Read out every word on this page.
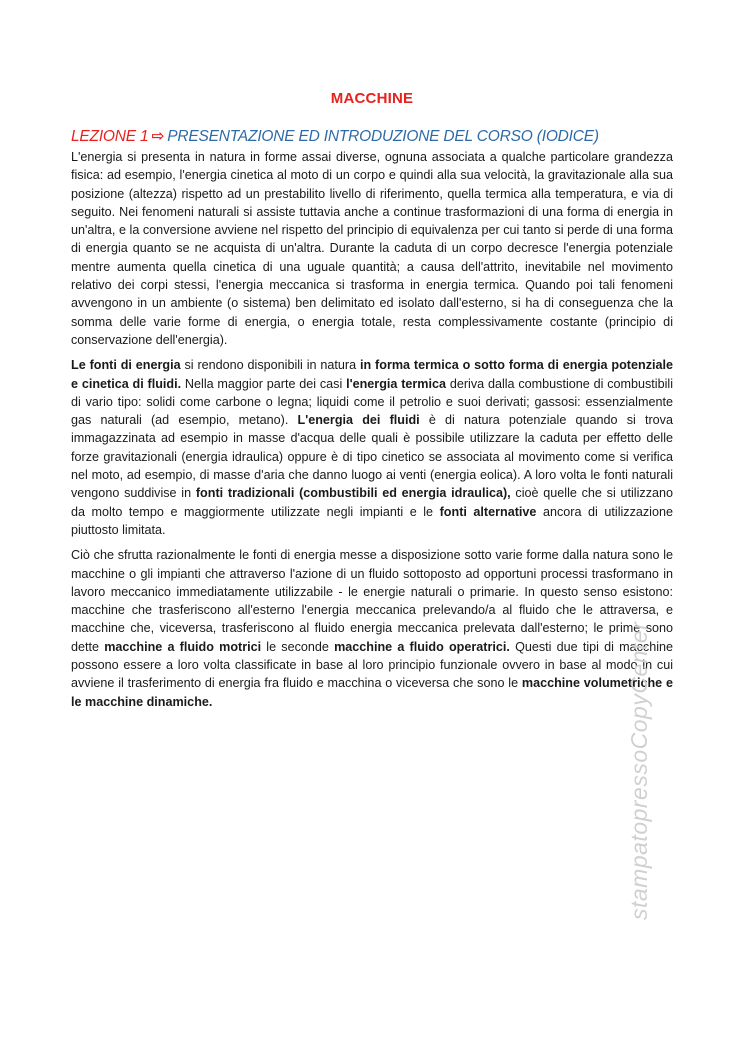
MACCHINE
LEZIONE 1 ⇨ PRESENTAZIONE ED INTRODUZIONE DEL CORSO (IODICE)

L'energia si presenta in natura in forme assai diverse, ognuna associata a qualche particolare grandezza fisica: ad esempio, l'energia cinetica al moto di un corpo e quindi alla sua velocità, la gravitazionale alla sua posizione (altezza) rispetto ad un prestabilito livello di riferimento, quella termica alla temperatura, e via di seguito. Nei fenomeni naturali si assiste tuttavia anche a continue trasformazioni di una forma di energia in un'altra, e la conversione avviene nel rispetto del principio di equivalenza per cui tanto si perde di una forma di energia quanto se ne acquista di un'altra. Durante la caduta di un corpo decresce l'energia potenziale mentre aumenta quella cinetica di una uguale quantità; a causa dell'attrito, inevitabile nel movimento relativo dei corpi stessi, l'energia meccanica si trasforma in energia termica. Quando poi tali fenomeni avvengono in un ambiente (o sistema) ben delimitato ed isolato dall'esterno, si ha di conseguenza che la somma delle varie forme di energia, o energia totale, resta complessivamente costante (principio di conservazione dell'energia).

Le fonti di energia si rendono disponibili in natura in forma termica o sotto forma di energia potenziale e cinetica di fluidi. Nella maggior parte dei casi l'energia termica deriva dalla combustione di combustibili di vario tipo: solidi come carbone o legna; liquidi come il petrolio e suoi derivati; gassosi: essenzialmente gas naturali (ad esempio, metano). L'energia dei fluidi è di natura potenziale quando si trova immagazzinata ad esempio in masse d'acqua delle quali è possibile utilizzare la caduta per effetto delle forze gravitazionali (energia idraulica) oppure è di tipo cinetico se associata al movimento come si verifica nel moto, ad esempio, di masse d'aria che danno luogo ai venti (energia eolica). A loro volta le fonti naturali vengono suddivise in fonti tradizionali (combustibili ed energia idraulica), cioè quelle che si utilizzano da molto tempo e maggiormente utilizzate negli impianti e le fonti alternative ancora di utilizzazione piuttosto limitata.

Ciò che sfrutta razionalmente le fonti di energia messe a disposizione sotto varie forme dalla natura sono le macchine o gli impianti che attraverso l'azione di un fluido sottoposto ad opportuni processi trasformano in lavoro meccanico immediatamente utilizzabile - le energie naturali o primarie. In questo senso esistono: macchine che trasferiscono all'esterno l'energia meccanica prelevando/a al fluido che le attraversa, e macchine che, viceversa, trasferiscono al fluido energia meccanica prelevata dall'esterno; le prime sono dette macchine a fluido motrici le seconde macchine a fluido operatrici. Questi due tipi di macchine possono essere a loro volta classificate in base al loro principio funzionale ovvero in base al modo in cui avviene il trasferimento di energia fra fluido e macchina o viceversa che sono le macchine volumetriche e le macchine dinamiche.	stampatopressoCopyCenter
